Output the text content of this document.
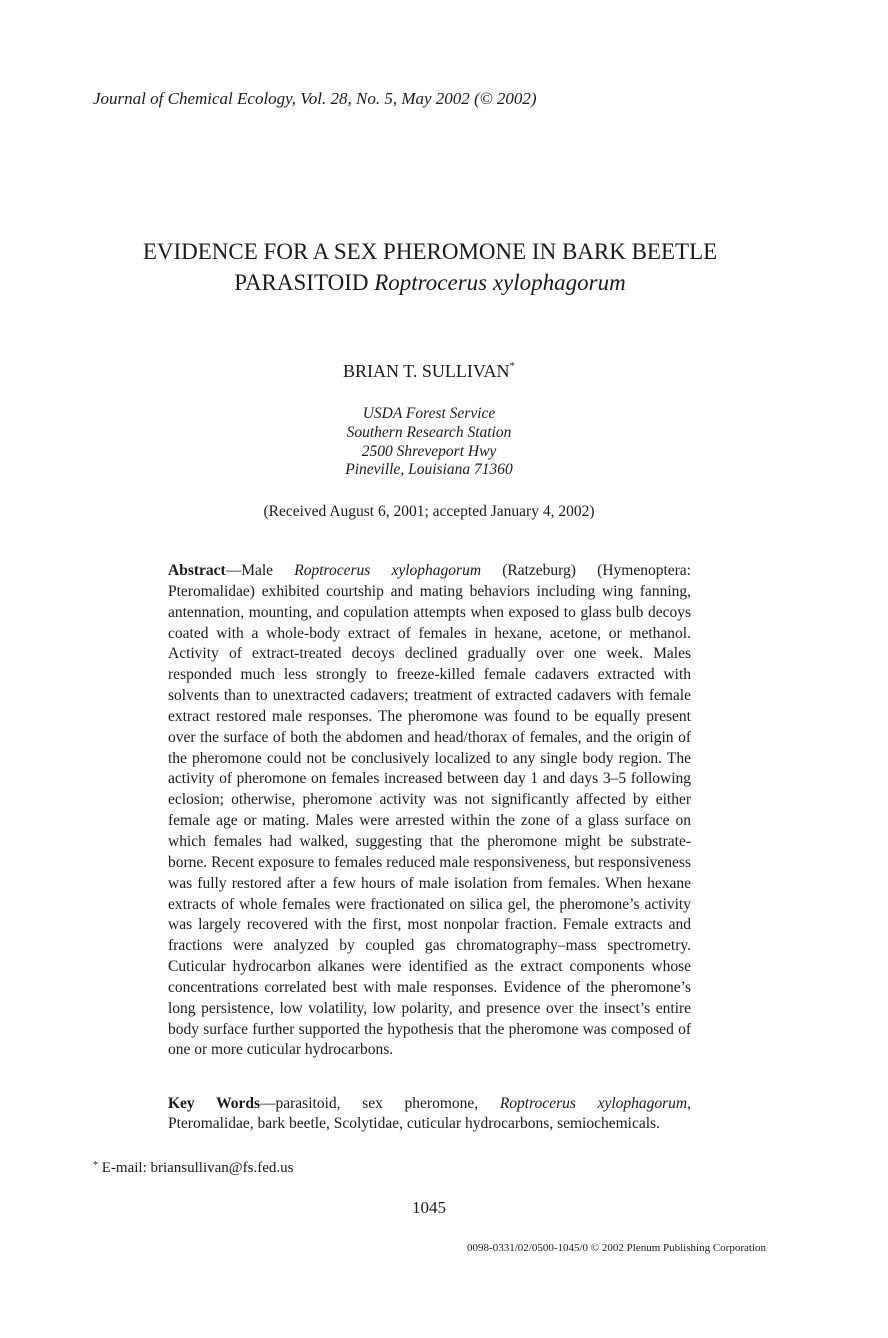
Journal of Chemical Ecology, Vol. 28, No. 5, May 2002 (© 2002)
EVIDENCE FOR A SEX PHEROMONE IN BARK BEETLE
PARASITOID Roptrocerus xylophagorum
BRIAN T. SULLIVAN*
USDA Forest Service
Southern Research Station
2500 Shreveport Hwy
Pineville, Louisiana 71360
(Received August 6, 2001; accepted January 4, 2002)

Abstract—Male Roptrocerus xylophagorum (Ratzeburg) (Hymenoptera: Pteromalidae) exhibited courtship and mating behaviors including wing fanning, antennation, mounting, and copulation attempts when exposed to glass bulb decoys coated with a whole-body extract of females in hexane, acetone, or methanol. Activity of extract-treated decoys declined gradually over one week. Males responded much less strongly to freeze-killed female cadavers extracted with solvents than to unextracted cadavers; treatment of extracted cadavers with female extract restored male responses. The pheromone was found to be equally present over the surface of both the abdomen and head/thorax of females, and the origin of the pheromone could not be conclusively localized to any single body region. The activity of pheromone on females increased between day 1 and days 3–5 following eclosion; otherwise, pheromone activity was not significantly affected by either female age or mating. Males were arrested within the zone of a glass surface on which females had walked, suggesting that the pheromone might be substrate-borne. Recent exposure to females reduced male responsiveness, but responsiveness was fully restored after a few hours of male isolation from females. When hexane extracts of whole females were fractionated on silica gel, the pheromone’s activity was largely recovered with the first, most nonpolar fraction. Female extracts and fractions were analyzed by coupled gas chromatography–mass spectrometry. Cuticular hydrocarbon alkanes were identified as the extract components whose concentrations correlated best with male responses. Evidence of the pheromone’s long persistence, low volatility, low polarity, and presence over the insect’s entire body surface further supported the hypothesis that the pheromone was composed of one or more cuticular hydrocarbons.

Key Words—parasitoid, sex pheromone, Roptrocerus xylophagorum, Pteromalidae, bark beetle, Scolytidae, cuticular hydrocarbons, semiochemicals.

* E-mail: briansullivan@fs.fed.us
1045
0098-0331/02/0500-1045/0 © 2002 Plenum Publishing Corporation
